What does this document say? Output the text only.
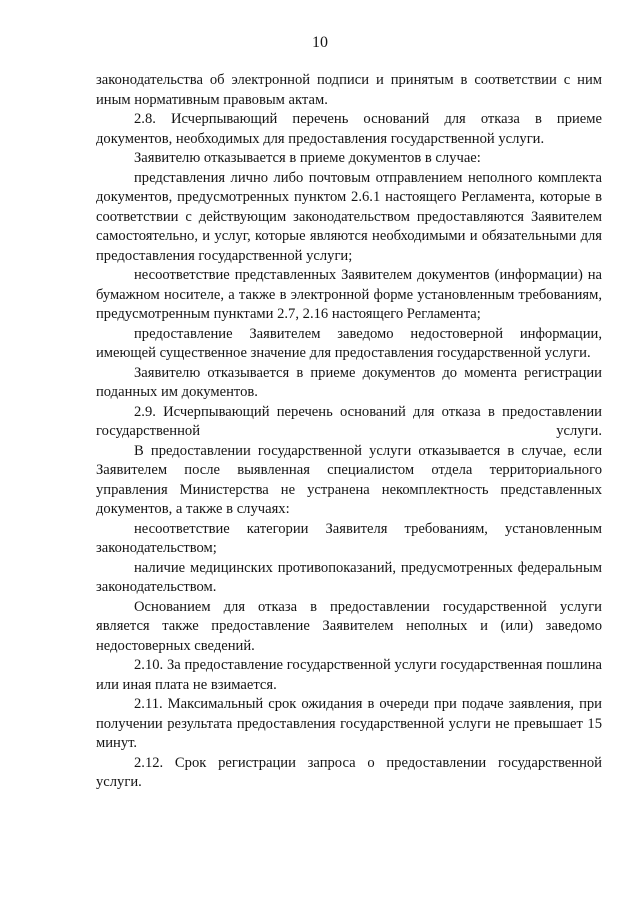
10

законодательства об электронной подписи и принятым в соответствии с ним иным нормативным правовым актам.

2.8. Исчерпывающий перечень оснований для отказа в приеме документов, необходимых для предоставления государственной услуги.

Заявителю отказывается в приеме документов в случае:

представления лично либо почтовым отправлением неполного комплекта документов, предусмотренных пунктом 2.6.1 настоящего Регламента, которые в соответствии с действующим законодательством предоставляются Заявителем самостоятельно, и услуг, которые являются необходимыми и обязательными для предоставления государственной услуги;

несоответствие представленных Заявителем документов (информации) на бумажном носителе, а также в электронной форме установленным требованиям, предусмотренным пунктами 2.7, 2.16 настоящего Регламента;

предоставление Заявителем заведомо недостоверной информации, имеющей существенное значение для предоставления государственной услуги.

Заявителю отказывается в приеме документов до момента регистрации поданных им документов.

2.9. Исчерпывающий перечень оснований для отказа в предоставлении государственной услуги.

В предоставлении государственной услуги отказывается в случае, если Заявителем после выявленная специалистом отдела территориального управления Министерства не устранена некомплектность представленных документов, а также в случаях:

несоответствие категории Заявителя требованиям, установленным законодательством;

наличие медицинских противопоказаний, предусмотренных федеральным законодательством.

Основанием для отказа в предоставлении государственной услуги является также предоставление Заявителем неполных и (или) заведомо недостоверных сведений.

2.10. За предоставление государственной услуги государственная пошлина или иная плата не взимается.

2.11. Максимальный срок ожидания в очереди при подаче заявления, при получении результата предоставления государственной услуги не превышает 15 минут.

2.12. Срок регистрации запроса о предоставлении государственной услуги.
